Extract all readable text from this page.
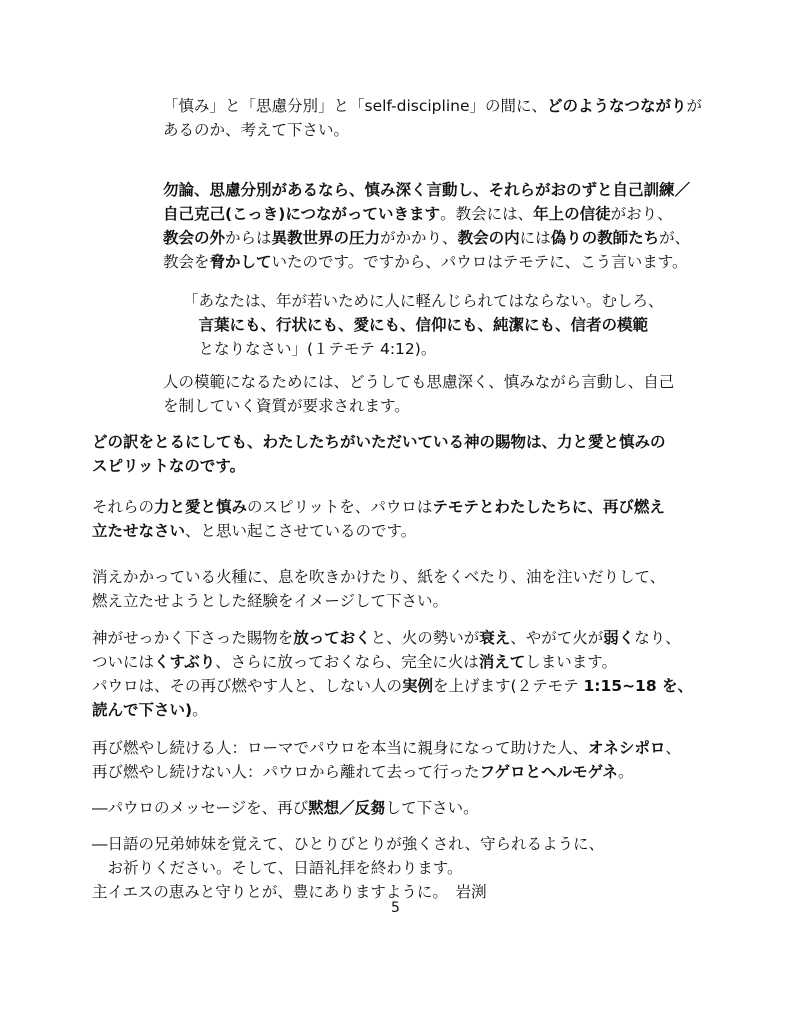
「慎み」と「思慮分別」と「self-discipline」の間に、どのようなつながりが
あるのか、考えて下さい。
勿論、思慮分別があるなら、慎み深く言動し、それらがおのずと自己訓練／
自己克己(こっき)につながっていきます。教会には、年上の信徒がおり、
教会の外からは異教世界の圧力がかかり、教会の内には偽りの教師たちが、
教会を脅かしていたのです。ですから、パウロはテモテに、こう言います。
「あなたは、年が若いために人に軽んじられてはならない。むしろ、
　言葉にも、行状にも、愛にも、信仰にも、純潔にも、信者の模範
　となりなさい」(１テモテ 4:12)。
人の模範になるためには、どうしても思慮深く、慎みながら言動し、自己
を制していく資質が要求されます。
どの訳をとるにしても、わたしたちがいただいている神の賜物は、力と愛と慎みの
スピリットなのです。
それらの力と愛と慎みのスピリットを、パウロはテモテとわたしたちに、再び燃え
立たせなさい、と思い起こさせているのです。
消えかかっている火種に、息を吹きかけたり、紙をくべたり、油を注いだりして、
燃え立たせようとした経験をイメージして下さい。
神がせっかく下さった賜物を放っておくと、火の勢いが衰え、やがて火が弱くなり、
ついにはくすぶり、さらに放っておくなら、完全に火は消えてしまいます。
パウロは、その再び燃やす人と、しない人の実例を上げます(２テモテ 1:15~18 を、
読んで下さい)。
再び燃やし続ける人：ローマでパウロを本当に親身になって助けた人、オネシポロ、
再び燃やし続けない人：パウロから離れて去って行ったフゲロとヘルモゲネ。
―パウロのメッセージを、再び黙想／反芻して下さい。
―日語の兄弟姉妹を覚えて、ひとりびとりが強くされ、守られるように、
　お祈りください。そして、日語礼拝を終わります。
主イエスの恵みと守りとが、豊にありますように。　岩渕
5
